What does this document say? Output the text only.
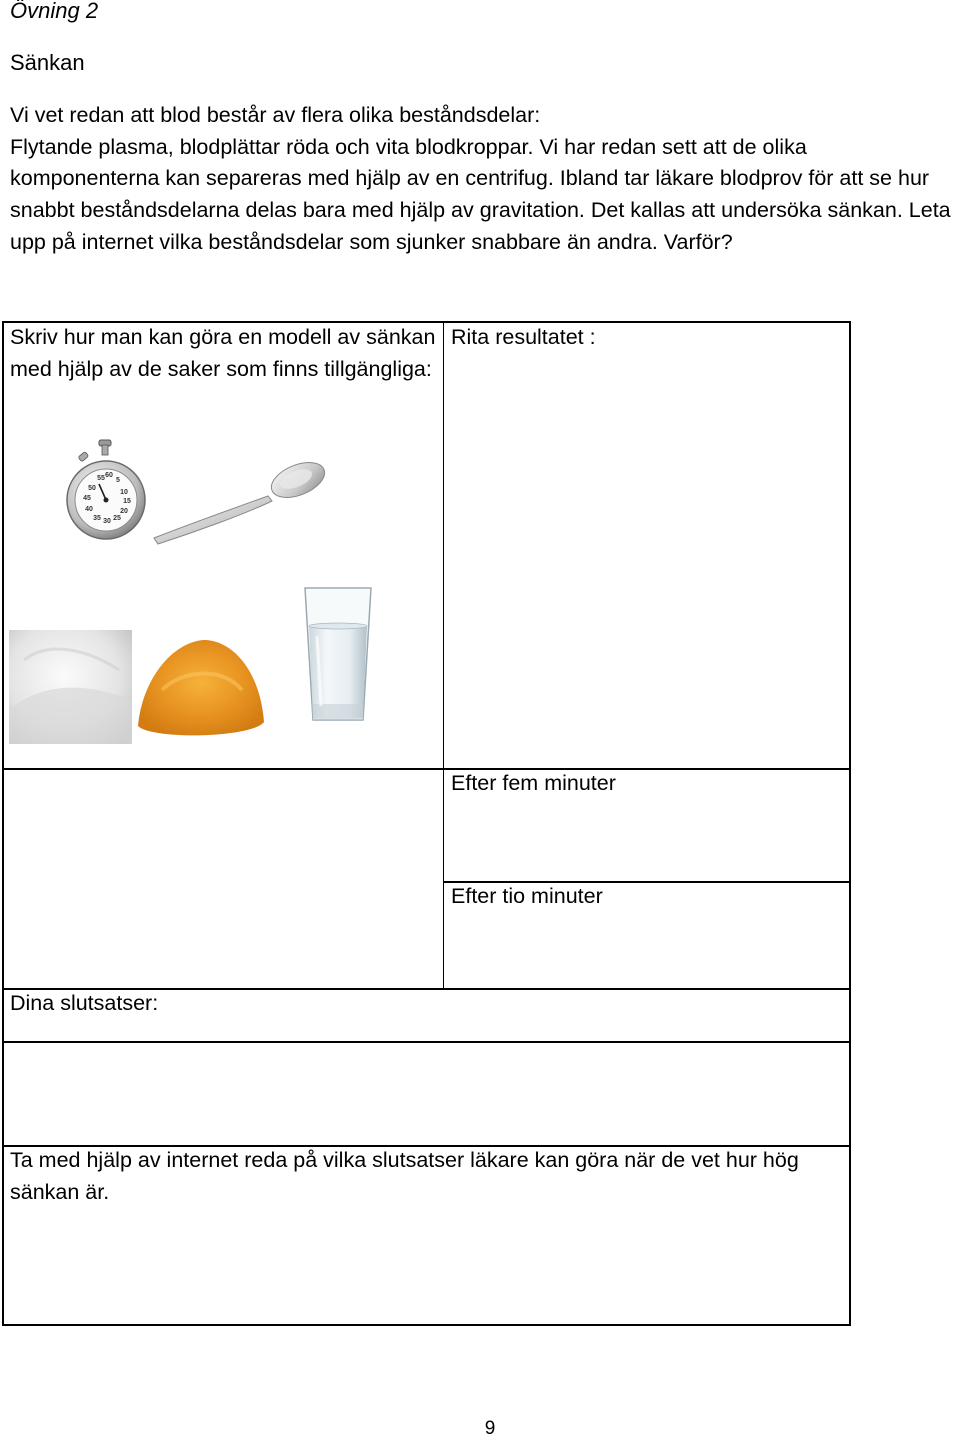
Övning 2
Sänkan

Vi vet redan att blod består av flera olika beståndsdelar:

Flytande plasma, blodplättar röda och vita blodkroppar. Vi har redan sett att de olika komponenterna kan separeras med hjälp av en centrifug. Ibland tar läkare blodprov för att se hur snabbt beståndsdelarna delas bara med hjälp av gravitation. Det kallas att undersöka sänkan. Leta upp på internet vilka beståndsdelar som sjunker snabbare än andra. Varför?

Skriv hur man kan göra en modell av sänkan med hjälp av de saker som finns tillgängliga:
Rita resultatet :
Efter fem minuter
Efter tio minuter
Dina slutsatser:
Ta med hjälp av internet reda på vilka slutsatser läkare kan göra när de vet hur hög sänkan är.
55 60
5
50
10
45	15
40	20
35 30 25
9
